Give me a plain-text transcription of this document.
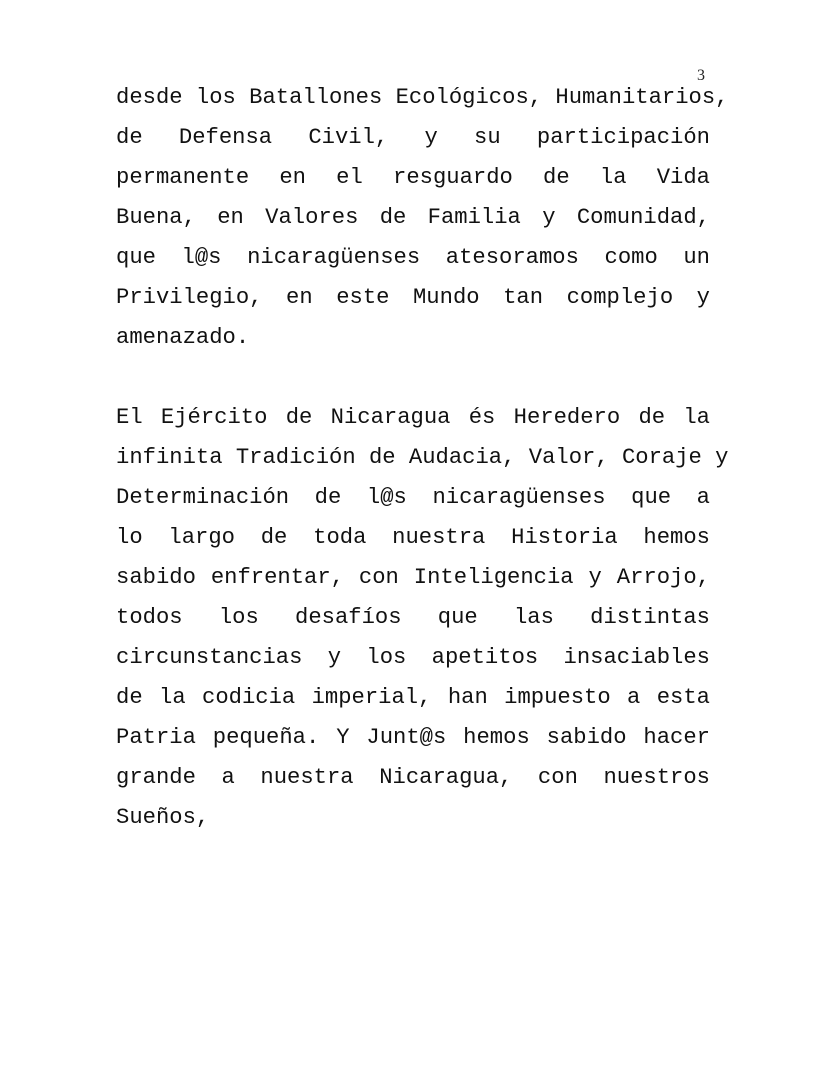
3
desde los Batallones Ecológicos, Humanitarios,
de Defensa Civil, y su participación
permanente en el resguardo de la Vida
Buena, en Valores de Familia y Comunidad,
que l@s nicaragüenses atesoramos como un
Privilegio, en este Mundo tan complejo y
amenazado.
El Ejército de Nicaragua és Heredero de la
infinita Tradición de Audacia, Valor, Coraje y
Determinación de l@s nicaragüenses que a
lo largo de toda nuestra Historia hemos
sabido enfrentar, con Inteligencia y Arrojo,
todos los desafíos que las distintas
circunstancias y los apetitos insaciables
de la codicia imperial, han impuesto a esta
Patria pequeña. Y Junt@s hemos sabido hacer
grande a nuestra Nicaragua, con nuestros
Sueños,
